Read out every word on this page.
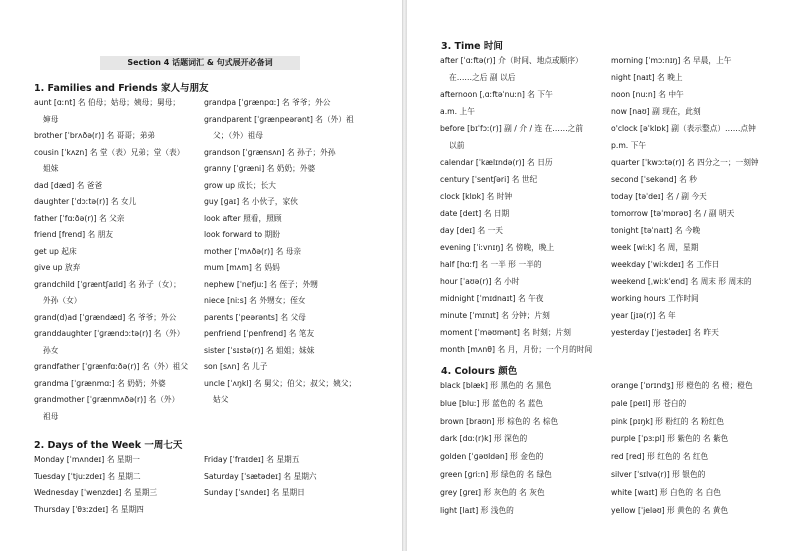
Section 4 话题词汇 & 句式展开必备词
1. Families and Friends 家人与朋友
aunt [ɑːnt] 名 伯母；姑母；姨母；舅母；
婶母
brother [ˈbrʌðə(r)] 名 哥哥；弟弟
cousin [ˈkʌzn] 名 堂（表）兄弟；堂（表）
姐妹
dad [dæd] 名 爸爸
daughter [ˈdɔːtə(r)] 名 女儿
father [ˈfɑːðə(r)] 名 父亲
friend [frend] 名 朋友
get up 起床
give up 放弃
grandchild [ˈɡræntʃaɪld] 名 孙子（女）；
外孙（女）
grand(d)ad [ˈɡrændæd] 名 爷爷；外公
granddaughter [ˈɡrændɔːtə(r)] 名（外）
孙女
grandfather [ˈɡrænfɑːðə(r)] 名（外）祖父
grandma [ˈɡrænmɑː] 名 奶奶；外婆
grandmother [ˈɡrænmʌðə(r)] 名（外）
祖母
grandpa [ˈɡrænpɑː] 名 爷爷；外公
grandparent [ˈɡrænpeərənt] 名（外）祖
父；（外）祖母
grandson [ˈɡrænsʌn] 名 孙子；外孙
granny [ˈɡræni] 名 奶奶；外婆
grow up 成长；长大
guy [ɡaɪ] 名 小伙子，家伙
look after 照看，照顾
look forward to 期盼
mother [ˈmʌðə(r)] 名 母亲
mum [mʌm] 名 妈妈
nephew [ˈnefjuː] 名 侄子；外甥
niece [niːs] 名 外甥女；侄女
parents [ˈpeərənts] 名 父母
penfriend [ˈpenfrend] 名 笔友
sister [ˈsɪstə(r)] 名 姐姐；妹妹
son [sʌn] 名 儿子
uncle [ˈʌŋkl] 名 舅父；伯父；叔父；姨父；
姑父
2. Days of the Week 一周七天
Monday [ˈmʌndeɪ] 名 星期一
Tuesday [ˈtjuːzdeɪ] 名 星期二
Wednesday [ˈwenzdeɪ] 名 星期三
Thursday [ˈθɜːzdeɪ] 名 星期四
Friday [ˈfraɪdeɪ] 名 星期五
Saturday [ˈsætədeɪ] 名 星期六
Sunday [ˈsʌndeɪ] 名 星期日
3. Time 时间
after [ˈɑːftə(r)] 介（时间、地点或顺序）
在……之后 副 以后
afternoon [ˌɑːftəˈnuːn] 名 下午
a.m. 上午
before [bɪˈfɔː(r)] 副 / 介 / 连 在……之前
以前
calendar [ˈkælɪndə(r)] 名 日历
century [ˈsentʃəri] 名 世纪
clock [klɒk] 名 时钟
date [deɪt] 名 日期
day [deɪ] 名 一天
evening [ˈiːvnɪŋ] 名 傍晚，晚上
half [hɑːf] 名 一半 形 一半的
hour [ˈaʊə(r)] 名 小时
midnight [ˈmɪdnaɪt] 名 午夜
minute [ˈmɪnɪt] 名 分钟；片刻
moment [ˈməʊmənt] 名 时刻；片刻
month [mʌnθ] 名 月，月份；一个月的时间
morning [ˈmɔːnɪŋ] 名 早晨，上午
night [naɪt] 名 晚上
noon [nuːn] 名 中午
now [naʊ] 副 现在，此刻
o'clock [əˈklɒk] 副（表示整点）……点钟
p.m. 下午
quarter [ˈkwɔːtə(r)] 名 四分之一；一刻钟
second [ˈsekənd] 名 秒
today [təˈdeɪ] 名 / 副 今天
tomorrow [təˈmɒrəʊ] 名 / 副 明天
tonight [təˈnaɪt] 名 今晚
week [wiːk] 名 周，星期
weekday [ˈwiːkdeɪ] 名 工作日
weekend [ˌwiːkˈend] 名 周末 形 周末的
working hours 工作时间
year [jɪə(r)] 名 年
yesterday [ˈjestədeɪ] 名 昨天
4. Colours 颜色
black [blæk] 形 黑色的 名 黑色
blue [bluː] 形 蓝色的 名 蓝色
brown [braʊn] 形 棕色的 名 棕色
dark [dɑː(r)k] 形 深色的
golden [ˈɡəʊldən] 形 金色的
green [ɡriːn] 形 绿色的 名 绿色
grey [ɡreɪ] 形 灰色的 名 灰色
light [laɪt] 形 浅色的
orange [ˈɒrɪndʒ] 形 橙色的 名 橙；橙色
pale [peɪl] 形 苍白的
pink [pɪŋk] 形 粉红的 名 粉红色
purple [ˈpɜːpl] 形 紫色的 名 紫色
red [red] 形 红色的 名 红色
silver [ˈsɪlvə(r)] 形 银色的
white [waɪt] 形 白色的 名 白色
yellow [ˈjeləʊ] 形 黄色的 名 黄色
